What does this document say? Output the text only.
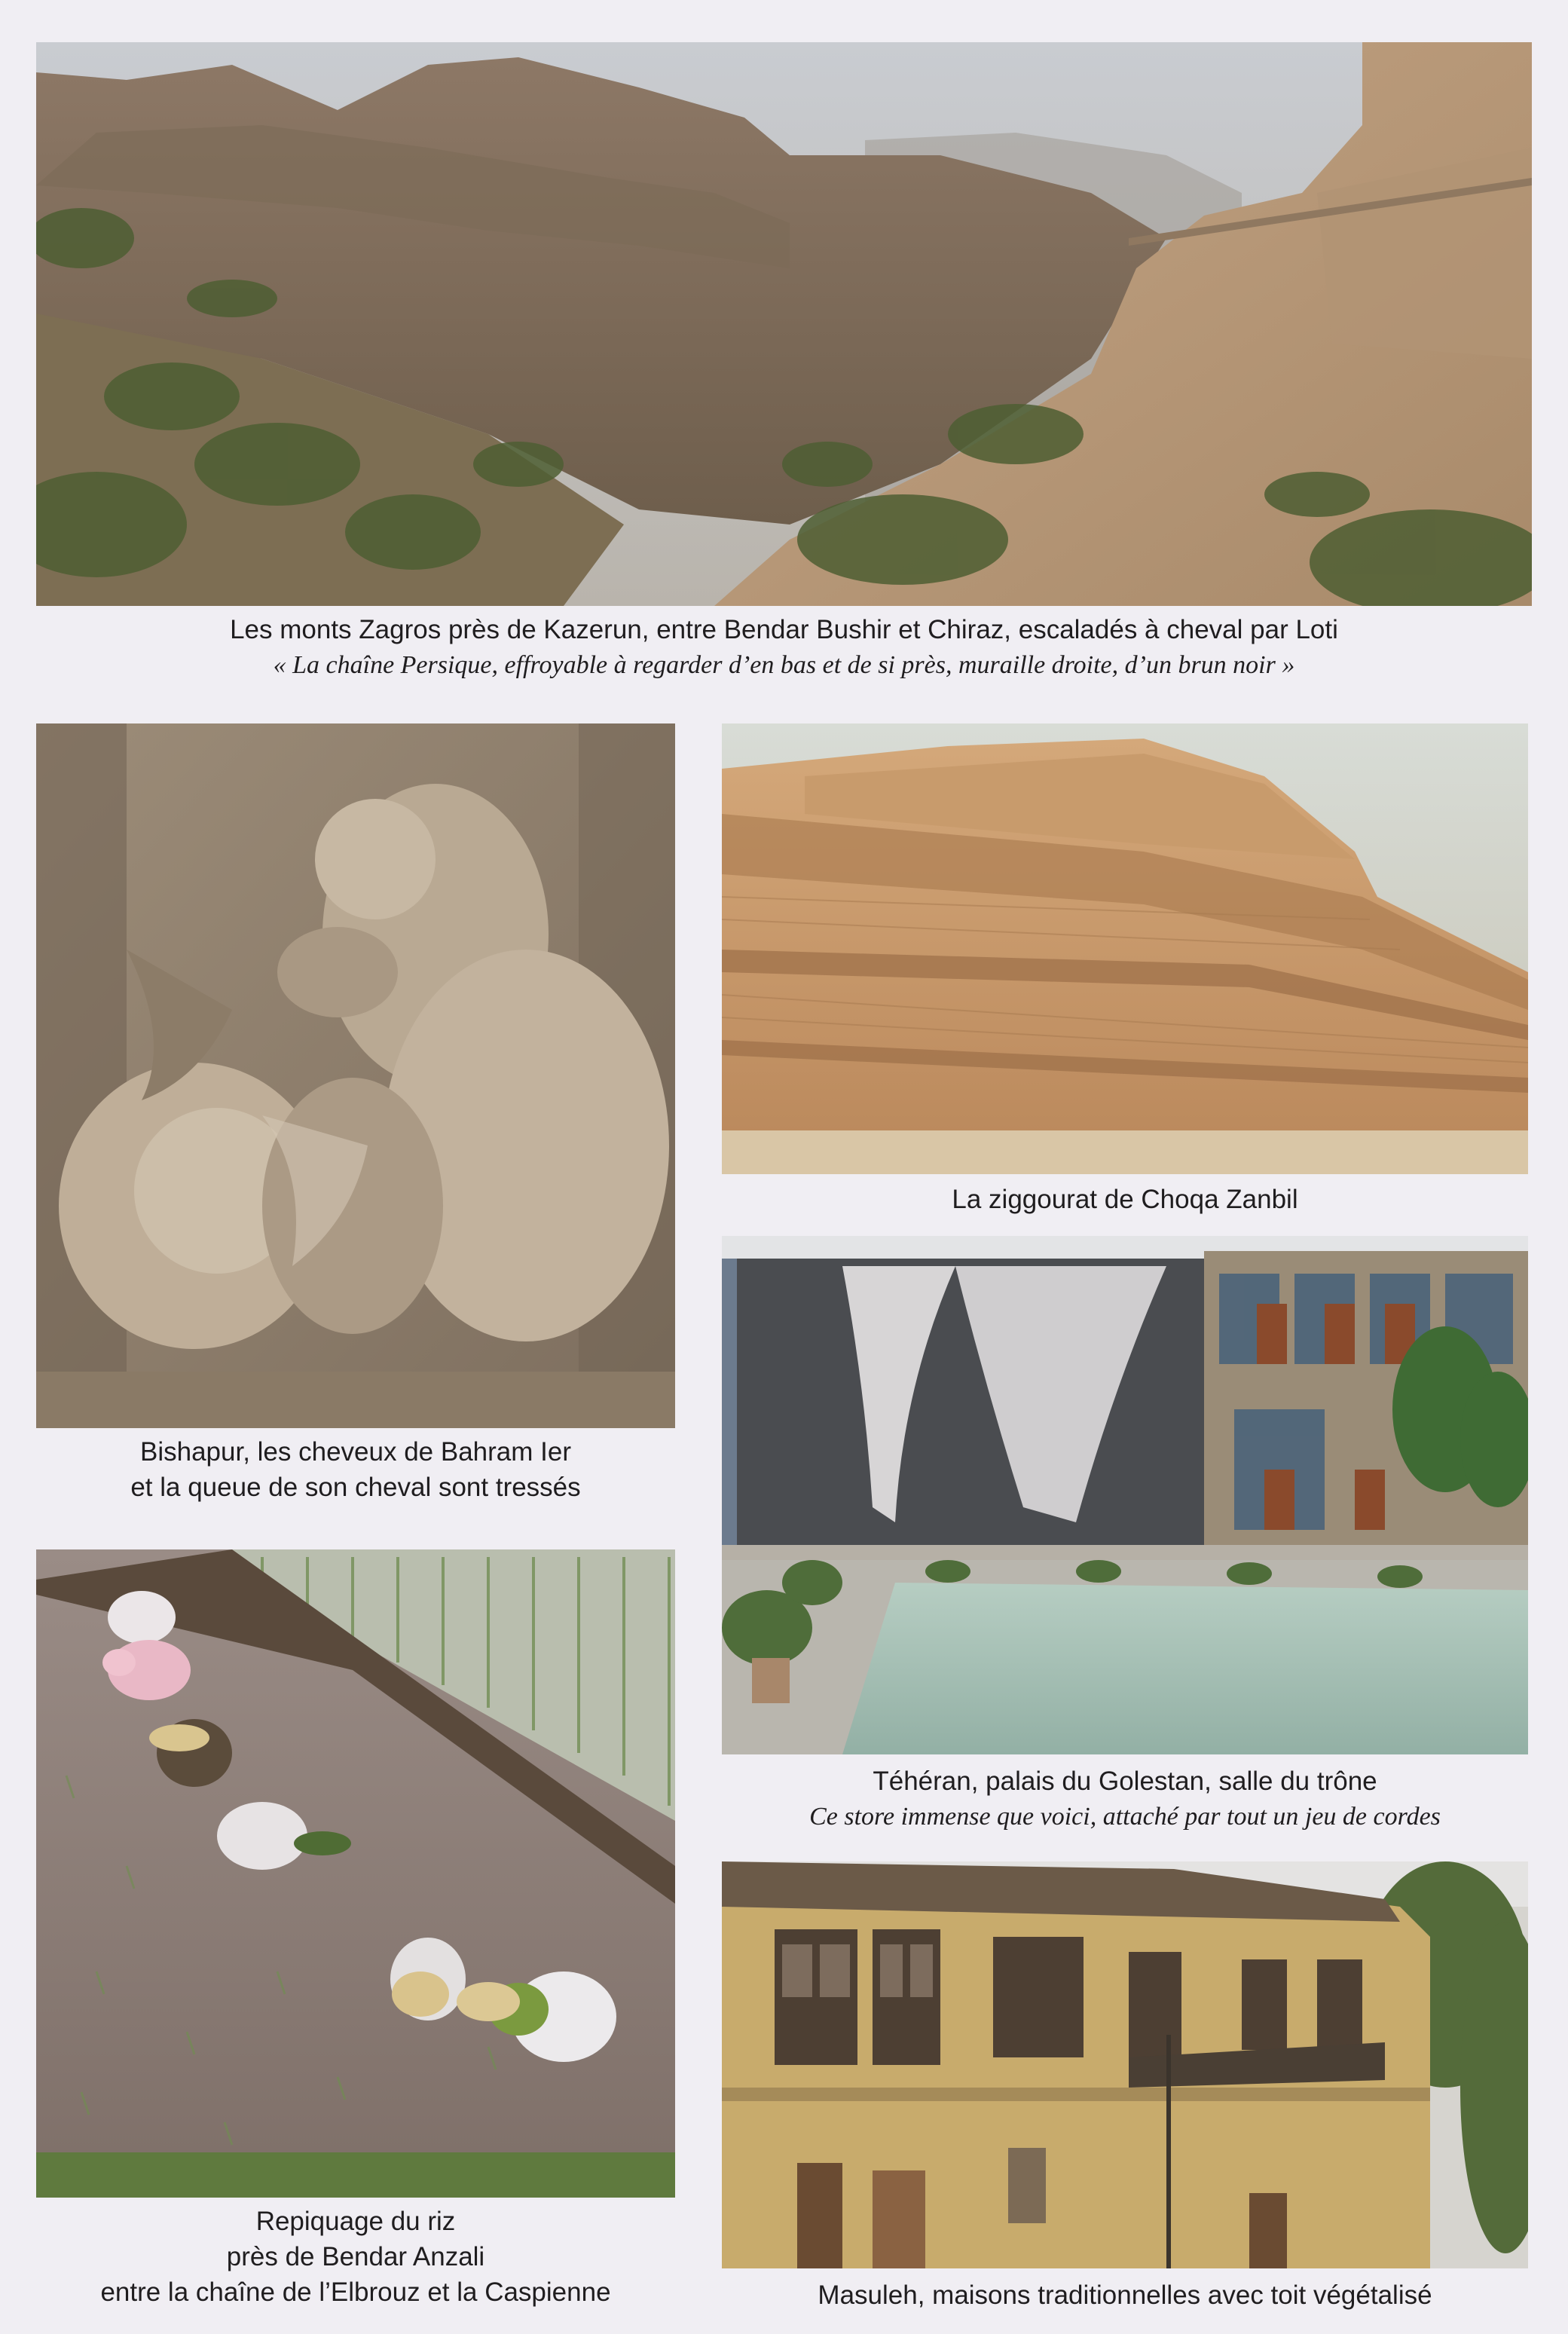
Les monts Zagros près de Kazerun, entre Bendar Bushir et Chiraz, escaladés à cheval par Loti
« La chaîne Persique, effroyable à regarder d’en bas et de si près, muraille droite, d’un brun noir »
Bishapur, les cheveux de Bahram Ier
et la queue de son cheval sont tressés
La ziggourat de Choqa Zanbil
Téhéran, palais du Golestan, salle du trône
Ce store immense que voici, attaché par tout un jeu de cordes
Repiquage du riz
près de Bendar Anzali
entre la chaîne de l’Elbrouz et la Caspienne	Masuleh, maisons traditionnelles avec toit végétalisé
